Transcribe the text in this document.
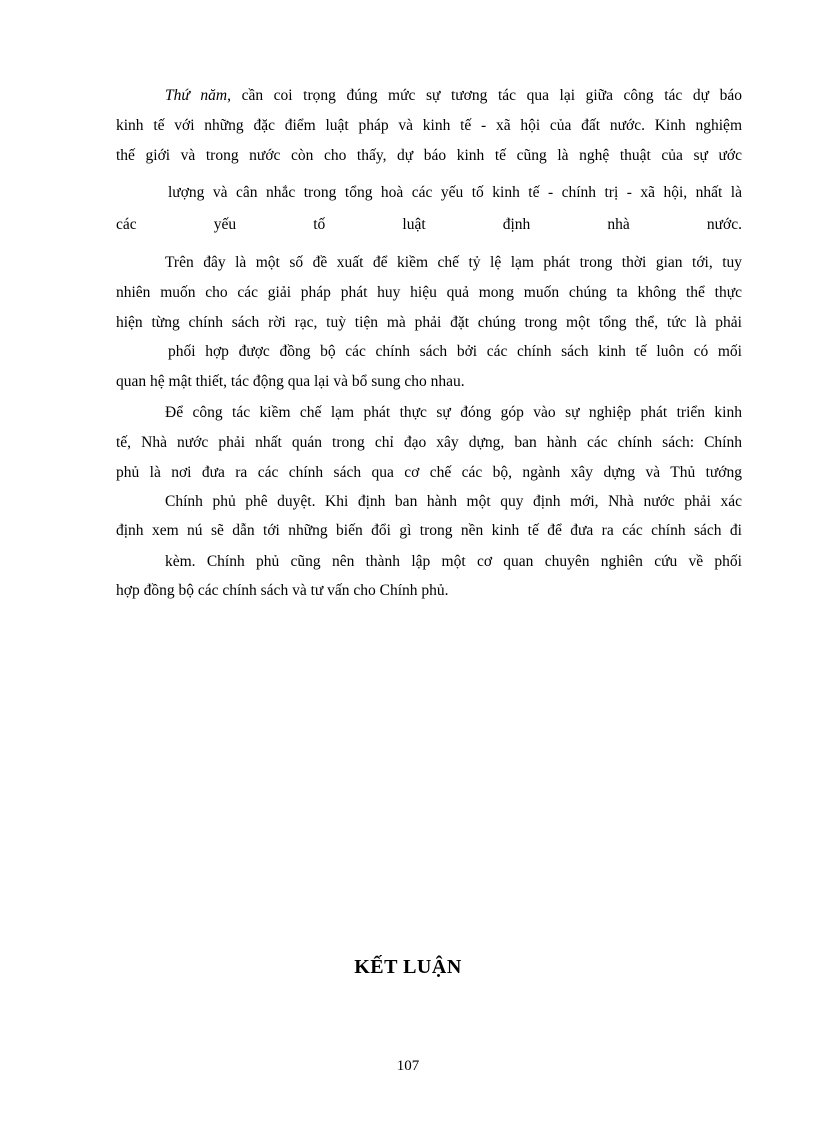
Thứ năm, cần coi trọng đúng mức sự tương tác qua lại giữa công tác dự báo
kinh tế với những đặc điểm luật pháp và kinh tế - xã hội của đất nước. Kinh nghiệm
thế giới và trong nước còn cho thấy, dự báo kinh tế cũng là nghệ thuật của sự ước
lượng và cân nhắc trong tổng hoà các yếu tố kinh tế - chính trị - xã hội, nhất là
các yếu tố luật định nhà nước.
Trên đây là một số đề xuất để kiềm chế tỷ lệ lạm phát trong thời gian tới, tuy
nhiên muốn cho các giải pháp phát huy hiệu quả mong muốn chúng ta không thể thực
hiện từng chính sách rời rạc, tuỳ tiện mà phải đặt chúng trong một tổng thể, tức là phải
phối hợp được đồng bộ các chính sách bởi các chính sách kinh tế luôn có mối
quan hệ mật thiết, tác động qua lại và bổ sung cho nhau.
Để công tác kiềm chế lạm phát thực sự đóng góp vào sự nghiệp phát triển kinh
tế, Nhà nước phải nhất quán trong chỉ đạo xây dựng, ban hành các chính sách: Chính
phủ là nơi đưa ra các chính sách qua cơ chế các bộ, ngành xây dựng và Thủ tướng
Chính phủ phê duyệt. Khi định ban hành một quy định mới, Nhà nước phải xác
định xem nú sẽ dẫn tới những biến đổi gì trong nền kinh tế để đưa ra các chính sách đi
kèm. Chính phủ cũng nên thành lập một cơ quan chuyên nghiên cứu về phối
hợp đồng bộ các chính sách và tư vấn cho Chính phủ.
KẾT LUẬN
107
